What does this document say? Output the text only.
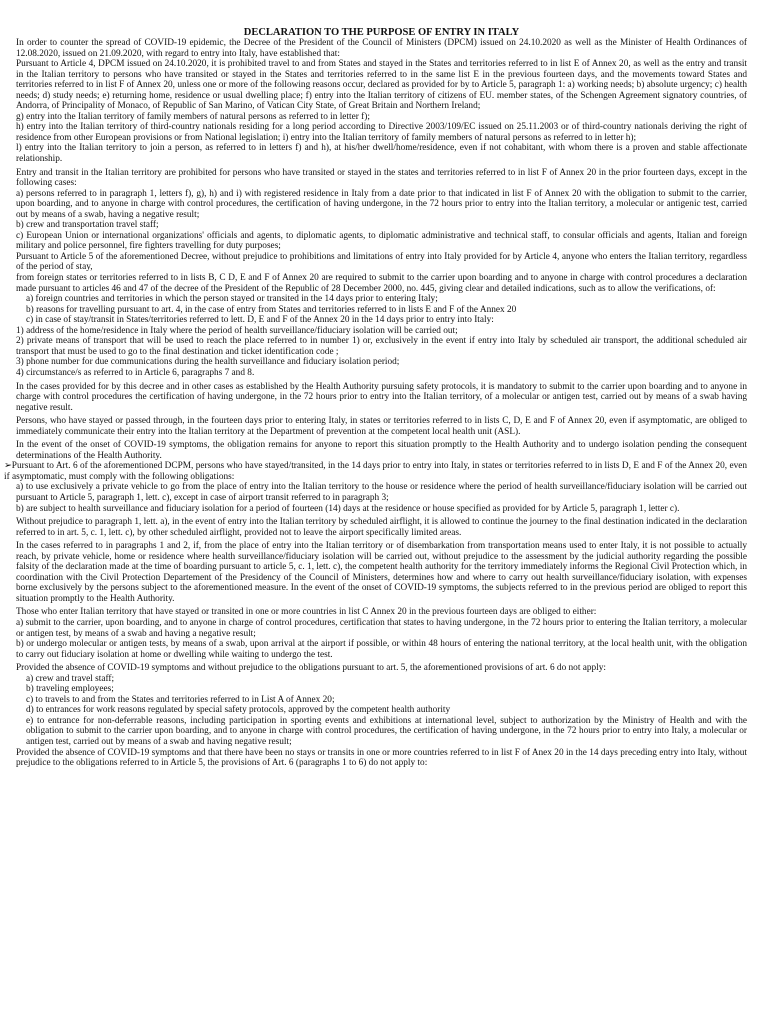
DECLARATION TO THE PURPOSE OF ENTRY IN ITALY

In order to counter the spread of COVID-19 epidemic, the Decree of the President of the Council of Ministers (DPCM) issued on 24.10.2020 as well as the Minister of Health Ordinances of 12.08.2020, issued on 21.09.2020, with regard to entry into Italy, have established that:

Pursuant to Article 4, DPCM issued on 24.10.2020, it is prohibited travel to and from States and stayed in the States and territories referred to in list E of Annex 20, as well as the entry and transit in the Italian territory to persons who have transited or stayed in the States and territories referred to in the same list E in the previous fourteen days, and the movements toward States and territories referred to in list F of Annex 20, unless one or more of the following reasons occur, declared as provided for by to Article 5, paragraph 1: a) working needs; b) absolute urgency; c) health needs; d) study needs; e) returning home, residence or usual dwelling place; f) entry into the Italian territory of citizens of EU. member states, of the Schengen Agreement signatory countries, of Andorra, of Principality of Monaco, of Republic of San Marino, of Vatican City State, of Great Britain and Northern Ireland;

g) entry into the Italian territory of family members of natural persons as referred to in letter f);

h) entry into the Italian territory of third-country nationals residing for a long period according to Directive 2003/109/EC issued on 25.11.2003 or of third-country nationals deriving the right of residence from other European provisions or from National legislation; i) entry into the Italian territory of family members of natural persons as referred to in letter h);

l) entry into the Italian territory to join a person, as referred to in letters f) and h), at his/her dwell/home/residence, even if not cohabitant, with whom there is a proven and stable affectionate relationship.

Entry and transit in the Italian territory are prohibited for persons who have transited or stayed in the states and territories referred to in list F of Annex 20 in the prior fourteen days, except in the following cases:

a) persons referred to in paragraph 1, letters f), g), h) and i) with registered residence in Italy from a date prior to that indicated in list F of Annex 20 with the obligation to submit to the carrier, upon boarding, and to anyone in charge with control procedures, the certification of having undergone, in the 72 hours prior to entry into the Italian territory, a molecular or antigenic test, carried out by means of a swab, having a negative result;

b) crew and transportation travel staff;

c) European Union or international organizations' officials and agents, to diplomatic agents, to diplomatic administrative and technical staff, to consular officials and agents, Italian and foreign military and police personnel, fire fighters travelling for duty purposes;

Pursuant to Article 5 of the aforementioned Decree, without prejudice to prohibitions and limitations of entry into Italy provided for by Article 4, anyone who enters the Italian territory, regardless of the period of stay,

from foreign states or territories referred to in lists B, C D, E and F of Annex 20 are required to submit to the carrier upon boarding and to anyone in charge with control procedures a declaration made pursuant to articles 46 and 47 of the decree of the President of the Republic of 28 December 2000, no. 445, giving clear and detailed indications, such as to allow the verifications, of:

a) foreign countries and territories in which the person stayed or transited in the 14 days prior to entering Italy;

b) reasons for travelling pursuant to art. 4, in the case of entry from States and territories referred to in lists E and F of the Annex 20

c) in case of stay/transit in States/territories referred to lett. D, E and F of the Annex 20 in the 14 days prior to entry into Italy:

1) address of the home/residence in Italy where the period of health surveillance/fiduciary isolation will be carried out;

2) private means of transport that will be used to reach the place referred to in number 1) or, exclusively in the event if entry into Italy by scheduled air transport, the additional scheduled air transport that must be used to go to the final destination and ticket identification code ;

3) phone number for due communications during the health surveillance and fiduciary isolation period;

4) circumstance/s as referred to in Article 6, paragraphs 7 and 8.

In the cases provided for by this decree and in other cases as established by the Health Authority pursuing safety protocols, it is mandatory to submit to the carrier upon boarding and to anyone in charge with control procedures the certification of having undergone, in the 72 hours prior to entry into the Italian territory, of a molecular or antigen test, carried out by means of a swab having negative result.

Persons, who have stayed or passed through, in the fourteen days prior to entering Italy, in states or territories referred to in lists C, D, E and F of Annex 20, even if asymptomatic, are obliged to immediately communicate their entry into the Italian territory at the Department of prevention at the competent local health unit (ASL).

In the event of the onset of COVID-19 symptoms, the obligation remains for anyone to report this situation promptly to the Health Authority and to undergo isolation pending the consequent determinations of the Health Authority.

➢Pursuant to Art. 6 of the aforementioned DCPM, persons who have stayed/transited, in the 14 days prior to entry into Italy, in states or territories referred to in lists D, E and F of the Annex 20, even if asymptomatic, must comply with the following obligations:

a) to use exclusively a private vehicle to go from the place of entry into the Italian territory to the house or residence where the period of health surveillance/fiduciary isolation will be carried out pursuant to Article 5, paragraph 1, lett. c), except in case of airport transit referred to in paragraph 3;

b) are subject to health surveillance and fiduciary isolation for a period of fourteen (14) days at the residence or house specified as provided for by Article 5, paragraph 1, letter c).

Without prejudice to paragraph 1, lett. a), in the event of entry into the Italian territory by scheduled airflight, it is allowed to continue the journey to the final destination indicated in the declaration referred to in art. 5, c. 1, lett. c), by other scheduled airflight, provided not to leave the airport specifically limited areas.

In the cases referred to in paragraphs 1 and 2, if, from the place of entry into the Italian territory or of disembarkation from transportation means used to enter Italy, it is not possible to actually reach, by private vehicle, home or residence where health surveillance/fiduciary isolation will be carried out, without prejudice to the assessment by the judicial authority regarding the possible falsity of the declaration made at the time of boarding pursuant to article 5, c. 1, lett. c), the competent health authority for the territory immediately informs the Regional Civil Protection which, in coordination with the Civil Protection Departement of the Presidency of the Council of Ministers, determines how and where to carry out health surveillance/fiduciary isolation, with expenses borne exclusively by the persons subject to the aforementioned measure. In the event of the onset of COVID-19 symptoms, the subjects referred to in the previous period are obliged to report this situation promptly to the Health Authority.

Those who enter Italian territory that have stayed or transited in one or more countries in list C Annex 20 in the previous fourteen days are obliged to either:

a) submit to the carrier, upon boarding, and to anyone in charge of control procedures, certification that states to having undergone, in the 72 hours prior to entering the Italian territory, a molecular or antigen test, by means of a swab and having a negative result;

b) or undergo molecular or antigen tests, by means of a swab, upon arrival at the airport if possible, or within 48 hours of entering the national territory, at the local health unit, with the obligation to carry out fiduciary isolation at home or dwelling while waiting to undergo the test.

Provided the absence of COVID-19 symptoms and without prejudice to the obligations pursuant to art. 5, the aforementioned provisions of art. 6 do not apply:

a) crew and travel staff;

b) traveling employees;

c) to travels to and from the States and territories referred to in List A of Annex 20;

d) to entrances for work reasons regulated by special safety protocols, approved by the competent health authority

e) to entrance for non-deferrable reasons, including participation in sporting events and exhibitions at international level, subject to authorization by the Ministry of Health and with the obligation to submit to the carrier upon boarding, and to anyone in charge with control procedures, the certification of having undergone, in the 72 hours prior to entry into Italy, a molecular or antigen test, carried out by means of a swab and having negative result;

Provided the absence of COVID-19 symptoms and that there have been no stays or transits in one or more countries referred to in list F of Anex 20 in the 14 days preceding entry into Italy, without prejudice to the obligations referred to in Article 5, the provisions of Art. 6 (paragraphs 1 to 6) do not apply to:
